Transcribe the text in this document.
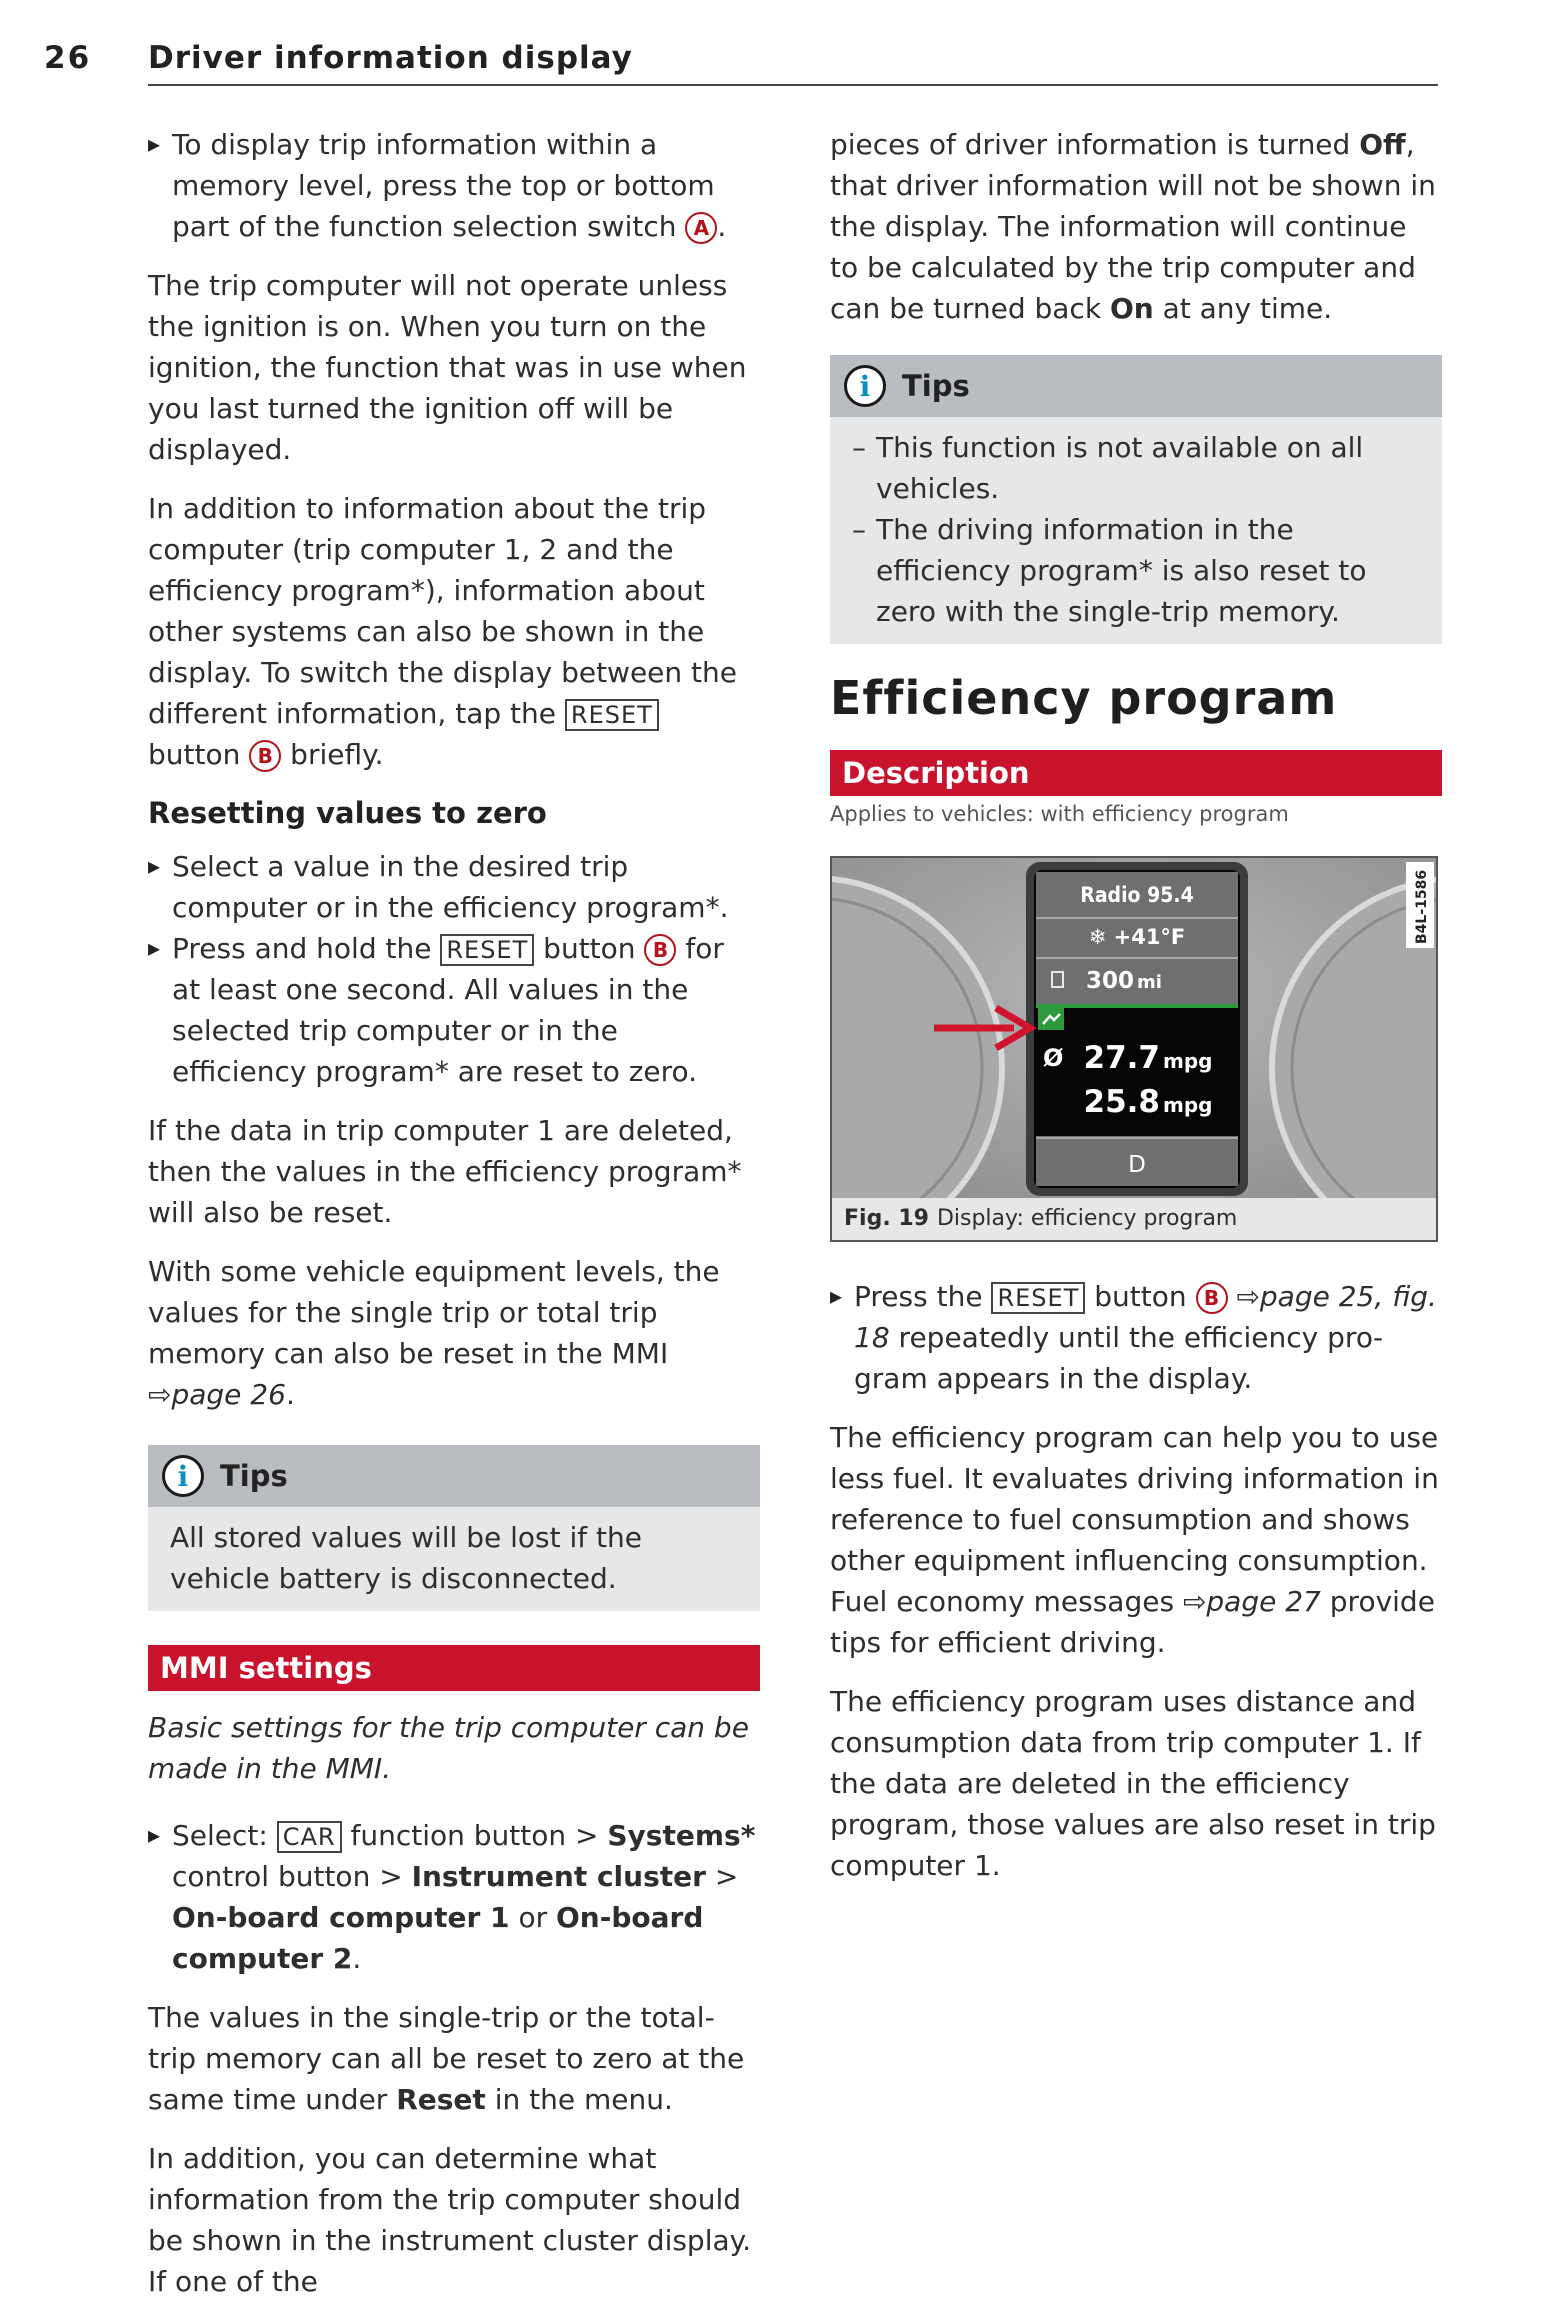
26 Driver information display

▸ To display trip information within a memory level, press the top or bottom part of the function selection switch A .

The trip computer will not operate unless the ignition is on. When you turn on the ignition, the function that was in use when you last turned the ignition off will be displayed.

In addition to information about the trip computer (trip computer 1, 2 and the efficiency program*), information about other systems can also be shown in the display. To switch the display between the different information, tap the RESET button B briefly.

Resetting values to zero

▸ Select a value in the desired trip computer or in the efficiency program*.

▸ Press and hold the RESET button B for at least one second. All values in the selected trip computer or in the efficiency program* are reset to zero.

If the data in trip computer 1 are deleted, then the values in the efficiency program* will also be reset.

With some vehicle equipment levels, the values for the single trip or total trip memory can also be reset in the MMI ⇨page 26.

i	Tips
All stored values will be lost if the vehicle battery is disconnected.
MMI settings

Basic settings for the trip computer can be made in the MMI.

▸ Select: CAR function button > Systems* control button > Instrument cluster > On-board computer 1 or On-board computer 2.

The values in the single-trip or the total-trip memory can all be reset to zero at the same time under Reset in the menu.

In addition, you can determine what information from the trip computer should be shown in the instrument cluster display. If one of the

pieces of driver information is turned Off, that driver information will not be shown in the display. The information will continue to be calculated by the trip computer and can be turned back On at any time.

i	Tips
– This function is not available on all vehicles.
– The driving information in the efficiency program* is also reset to zero with the single-trip memory.
Efficiency program
Description
Applies to vehicles: with efficiency program
Radio 95.4
❄ +41°F
300 mi
Ø 27.7 mpg
25.8 mpg
D
B4L-1586
Fig. 19 Display: efficiency program

▸ Press the RESET button B ⇨page 25, fig. 18 repeatedly until the efficiency program appears in the display.

The efficiency program can help you to use less fuel. It evaluates driving information in reference to fuel consumption and shows other equipment influencing consumption. Fuel economy messages ⇨page 27 provide tips for efficient driving.

The efficiency program uses distance and consumption data from trip computer 1. If the data are deleted in the efficiency program, those values are also reset in trip computer 1.
